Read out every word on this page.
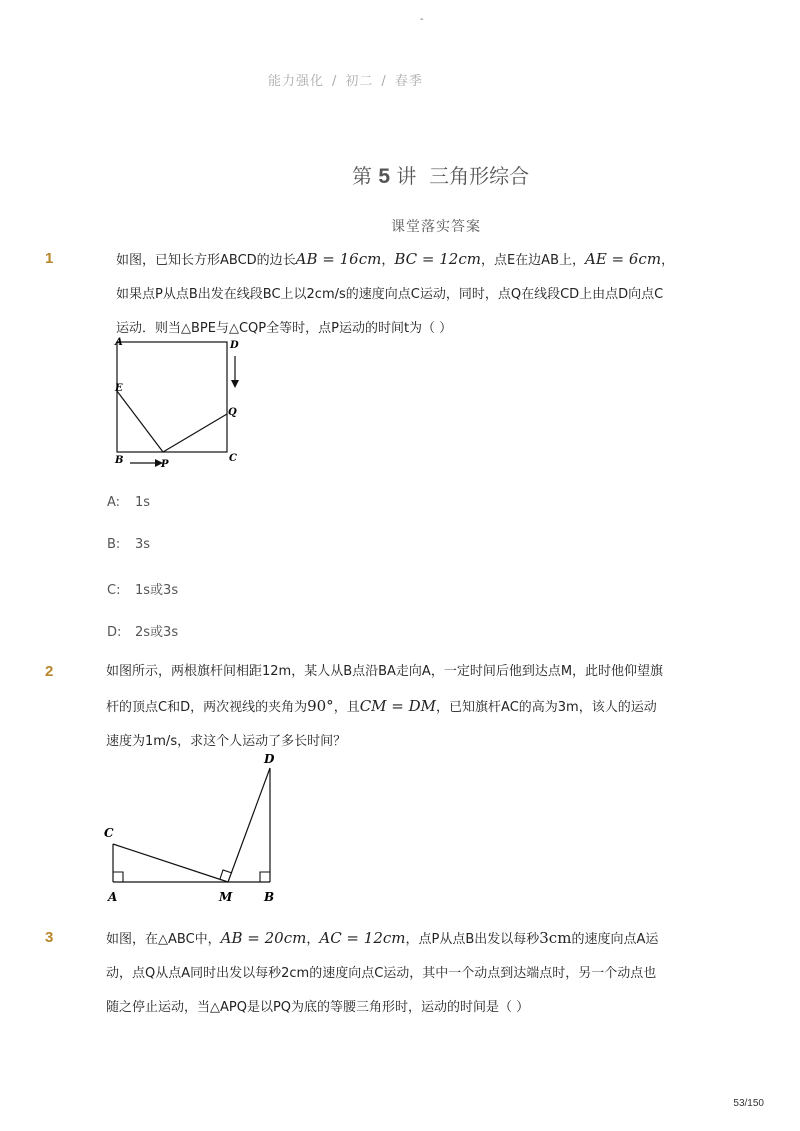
-
能力强化 / 初二 / 春季
第 5 讲 三角形综合
课堂落实答案
1	如图，已知长方形ABCD的边长AB = 16cm，BC = 12cm，点E在边AB上，AE = 6cm，
如果点P从点B出发在线段BC上以2cm/s的速度向点C运动，同时，点Q在线段CD上由点D向点C
运动．则当△BPE与△CQP全等时，点P运动的时间t为（ ）
A	D
E
Q
B	P
C
A: 1s
B: 3s
C: 1s或3s
D: 2s或3s
2	如图所示，两根旗杆间相距12m，某人从B点沿BA走向A，一定时间后他到达点M，此时他仰望旗
杆的顶点C和D，两次视线的夹角为90°，且CM = DM，已知旗杆AC的高为3m，该人的运动
速度为1m/s，求这个人运动了多长时间？
D
C
A	M	B
3	如图，在△ABC中，AB = 20cm，AC = 12cm，点P从点B出发以每秒3cm的速度向点A运
动，点Q从点A同时出发以每秒2cm的速度向点C运动，其中一个动点到达端点时，另一个动点也
随之停止运动，当△APQ是以PQ为底的等腰三角形时，运动的时间是（ ）
53/150
